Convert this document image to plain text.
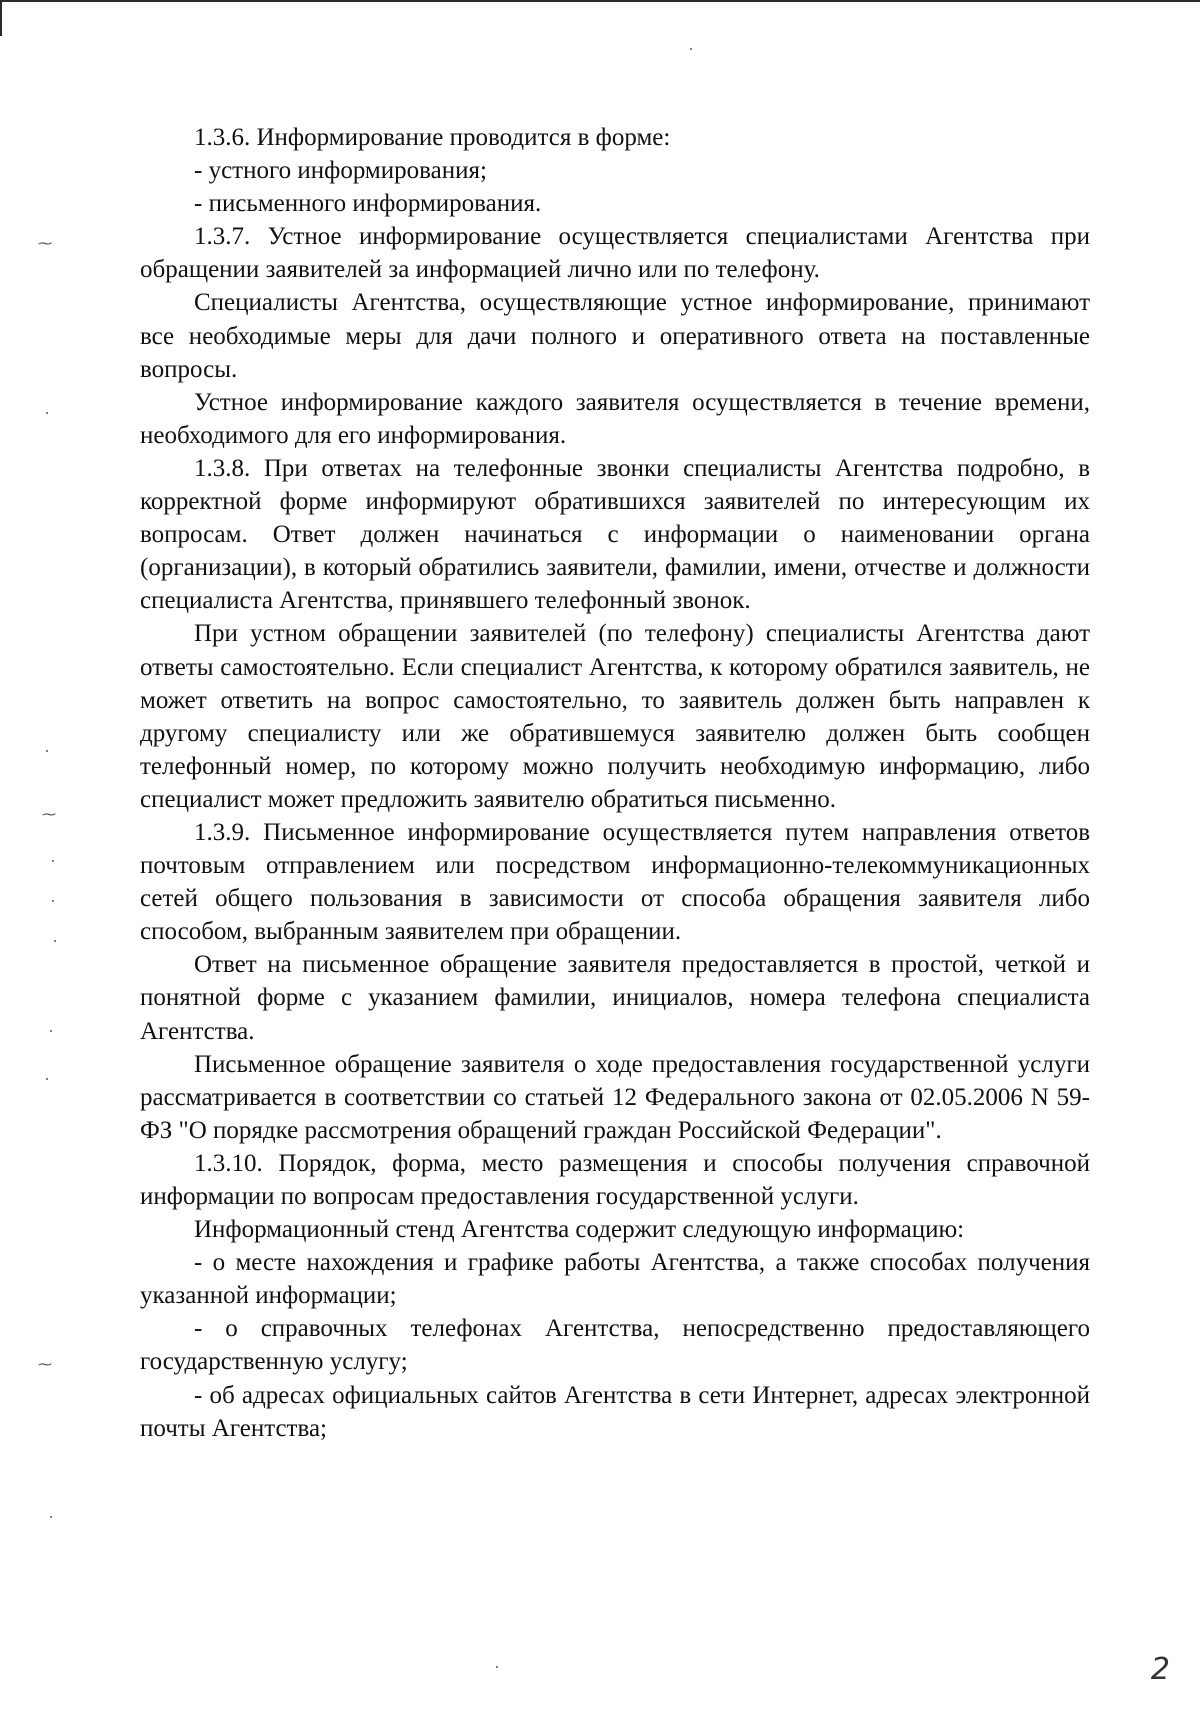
⁓
⁓
⁓

1.3.6. Информирование проводится в форме:

- устного информирования;

- письменного информирования.

1.3.7. Устное информирование осуществляется специалистами Агентства при обращении заявителей за информацией лично или по телефону.

Специалисты Агентства, осуществляющие устное информирование, принимают все необходимые меры для дачи полного и оперативного ответа на поставленные вопросы.

Устное информирование каждого заявителя осуществляется в течение времени, необходимого для его информирования.

1.3.8. При ответах на телефонные звонки специалисты Агентства подробно, в корректной форме информируют обратившихся заявителей по интересующим их вопросам. Ответ должен начинаться с информации о наименовании органа (организации), в который обратились заявители, фамилии, имени, отчестве и должности специалиста Агентства, принявшего телефонный звонок.

При устном обращении заявителей (по телефону) специалисты Агентства дают ответы самостоятельно. Если специалист Агентства, к которому обратился заявитель, не может ответить на вопрос самостоятельно, то заявитель должен быть направлен к другому специалисту или же обратившемуся заявителю должен быть сообщен телефонный номер, по которому можно получить необходимую информацию, либо специалист может предложить заявителю обратиться письменно.

1.3.9. Письменное информирование осуществляется путем направления ответов почтовым отправлением или посредством информационно-телекоммуникационных сетей общего пользования в зависимости от способа обращения заявителя либо способом, выбранным заявителем при обращении.

Ответ на письменное обращение заявителя предоставляется в простой, четкой и понятной форме с указанием фамилии, инициалов, номера телефона специалиста Агентства.

Письменное обращение заявителя о ходе предоставления государственной услуги рассматривается в соответствии со статьей 12 Федерального закона от 02.05.2006 N 59-ФЗ "О порядке рассмотрения обращений граждан Российской Федерации".

1.3.10. Порядок, форма, место размещения и способы получения справочной информации по вопросам предоставления государственной услуги.

Информационный стенд Агентства содержит следующую информацию:

- о месте нахождения и графике работы Агентства, а также способах получения указанной информации;

- о справочных телефонах Агентства, непосредственно предоставляющего государственную услугу;

- об адресах официальных сайтов Агентства в сети Интернет, адресах электронной почты Агентства;

2
